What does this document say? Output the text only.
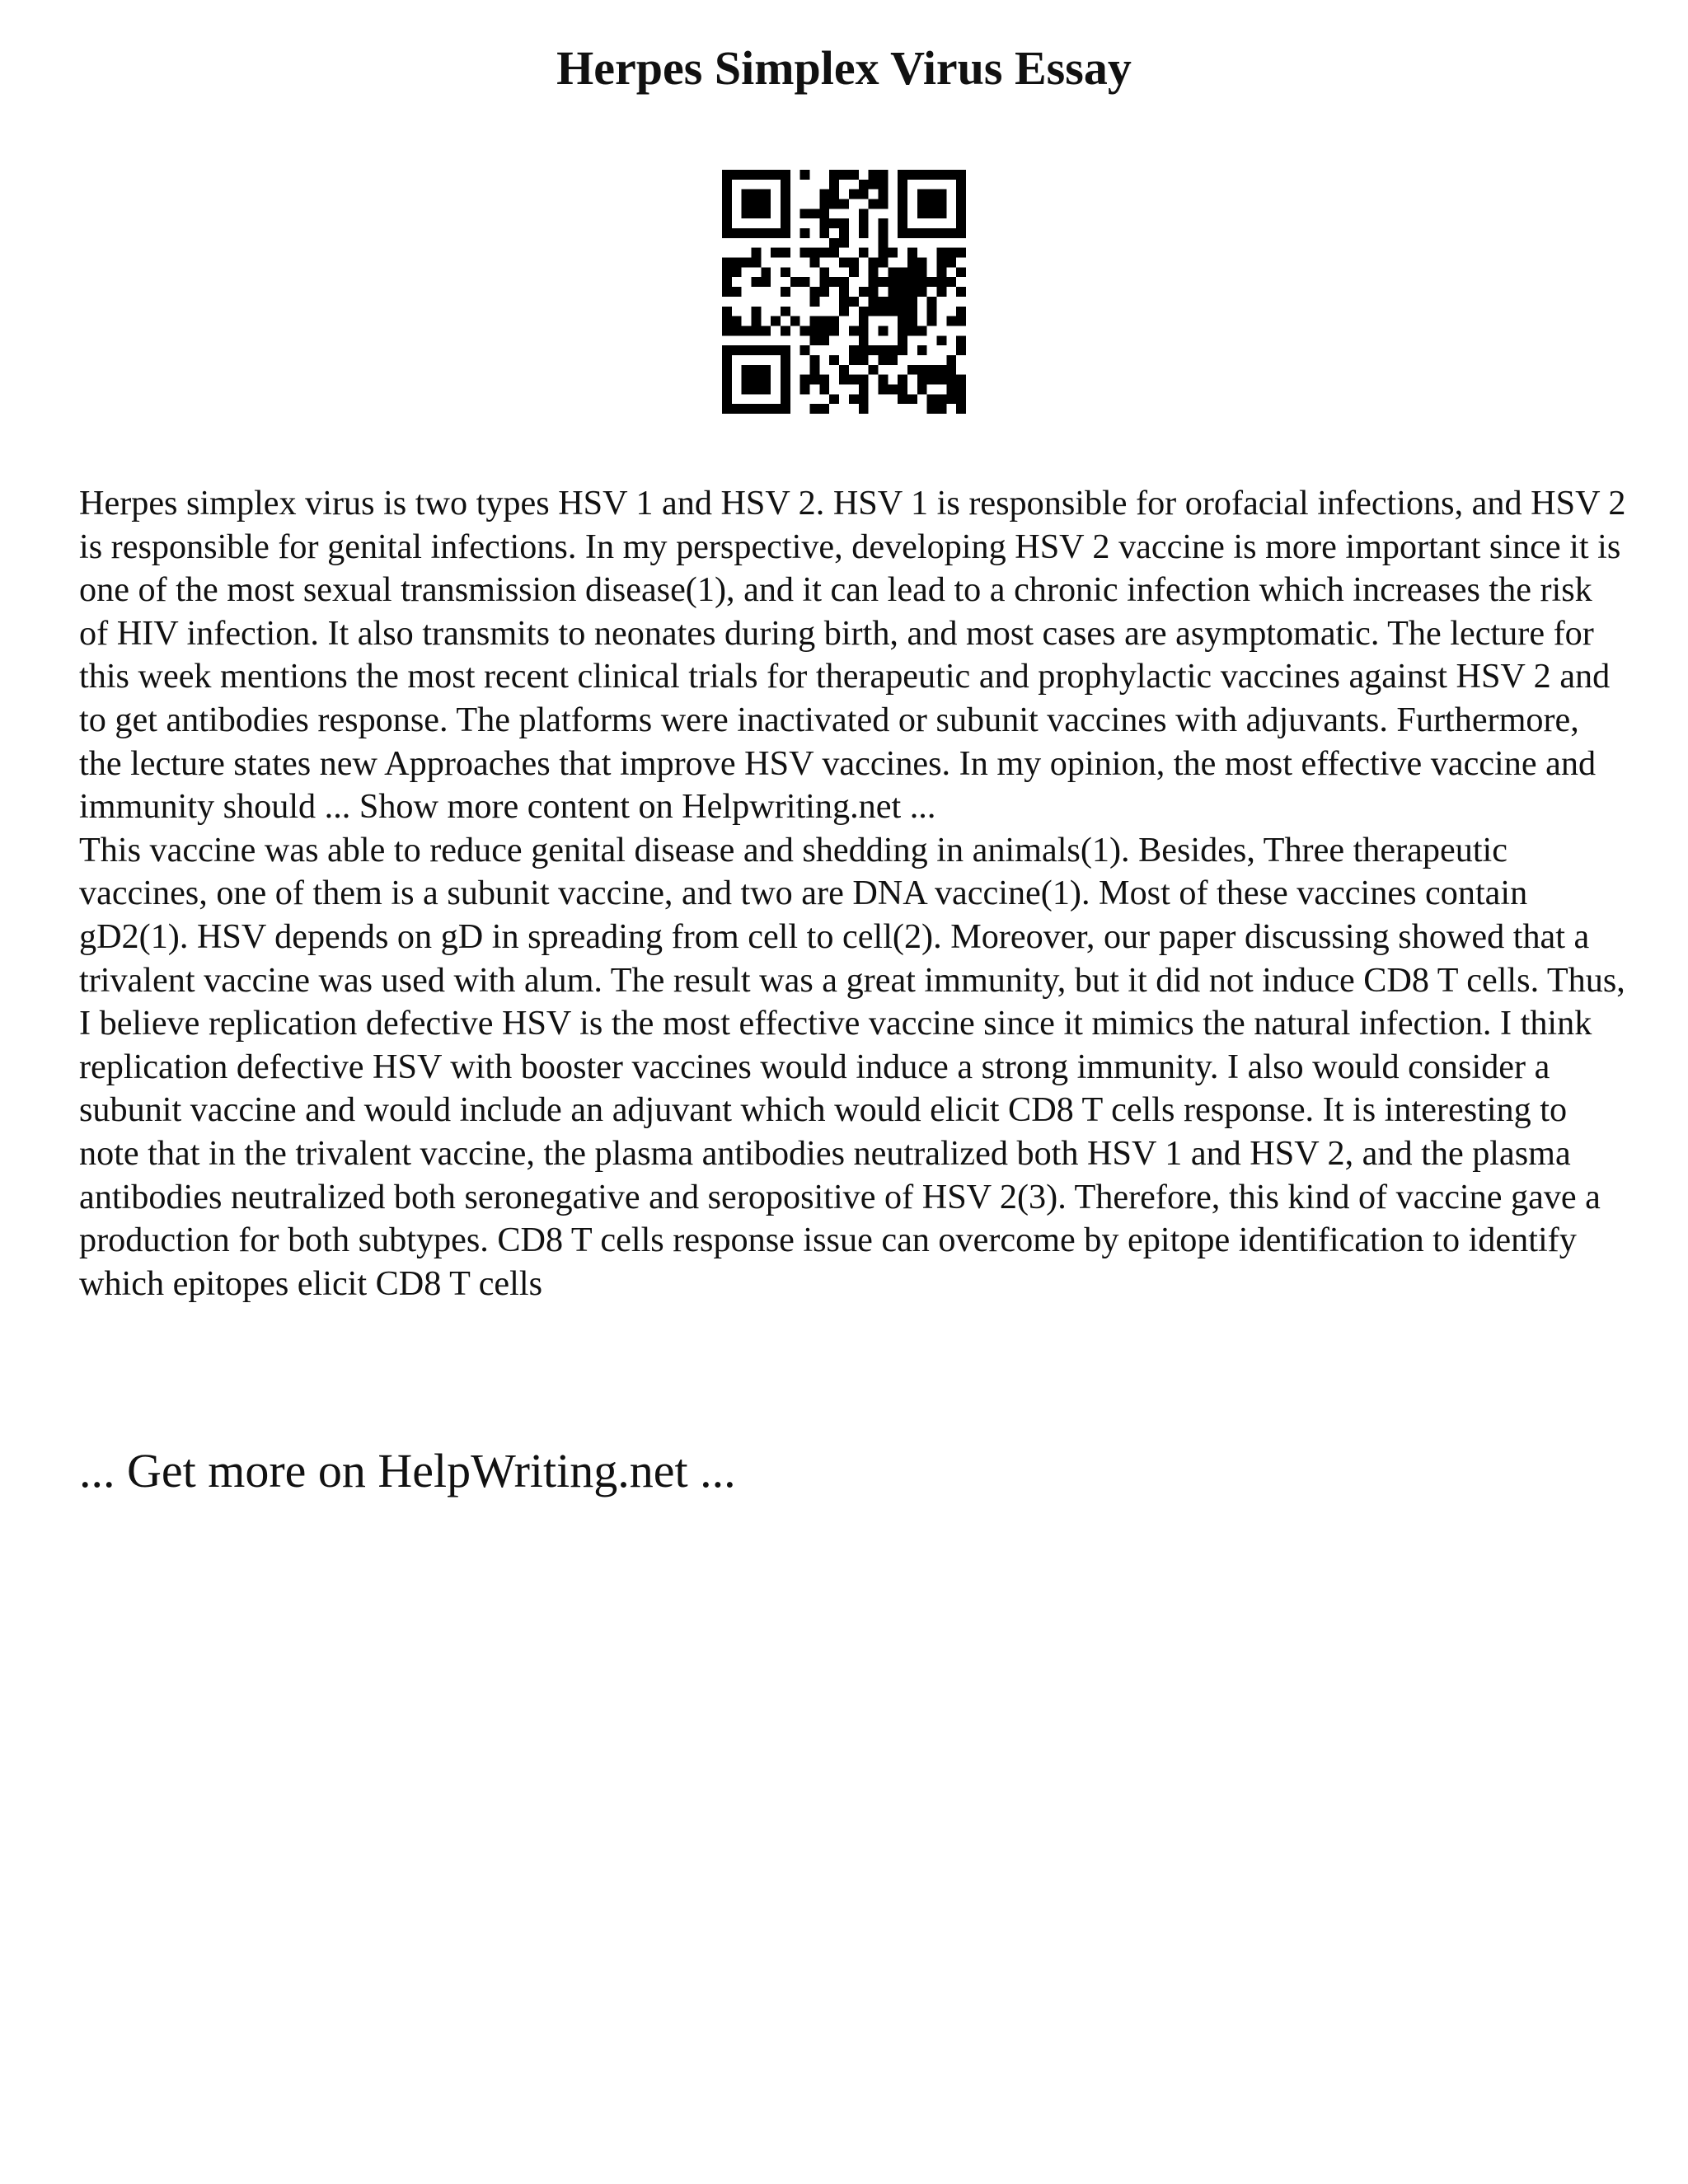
Herpes Simplex Virus Essay

Herpes simplex virus is two types HSV 1 and HSV 2. HSV 1 is responsible for orofacial infections, and HSV 2 is responsible for genital infections. In my perspective, developing HSV 2 vaccine is more important since it is one of the most sexual transmission disease(1), and it can lead to a chronic infection which increases the risk of HIV infection. It also transmits to neonates during birth, and most cases are asymptomatic. The lecture for this week mentions the most recent clinical trials for therapeutic and prophylactic vaccines against HSV 2 and to get antibodies response. The platforms were inactivated or subunit vaccines with adjuvants. Furthermore, the lecture states new Approaches that improve HSV vaccines. In my opinion, the most effective vaccine and immunity should ... Show more content on Helpwriting.net ...

This vaccine was able to reduce genital disease and shedding in animals(1). Besides, Three therapeutic vaccines, one of them is a subunit vaccine, and two are DNA vaccine(1). Most of these vaccines contain gD2(1). HSV depends on gD in spreading from cell to cell(2). Moreover, our paper discussing showed that a trivalent vaccine was used with alum. The result was a great immunity, but it did not induce CD8 T cells. Thus, I believe replication defective HSV is the most effective vaccine since it mimics the natural infection. I think replication defective HSV with booster vaccines would induce a strong immunity. I also would consider a subunit vaccine and would include an adjuvant which would elicit CD8 T cells response. It is interesting to note that in the trivalent vaccine, the plasma antibodies neutralized both HSV 1 and HSV 2, and the plasma antibodies neutralized both seronegative and seropositive of HSV 2(3). Therefore, this kind of vaccine gave a production for both subtypes. CD8 T cells response issue can overcome by epitope identification to identify which epitopes elicit CD8 T cells

... Get more on HelpWriting.net ...
